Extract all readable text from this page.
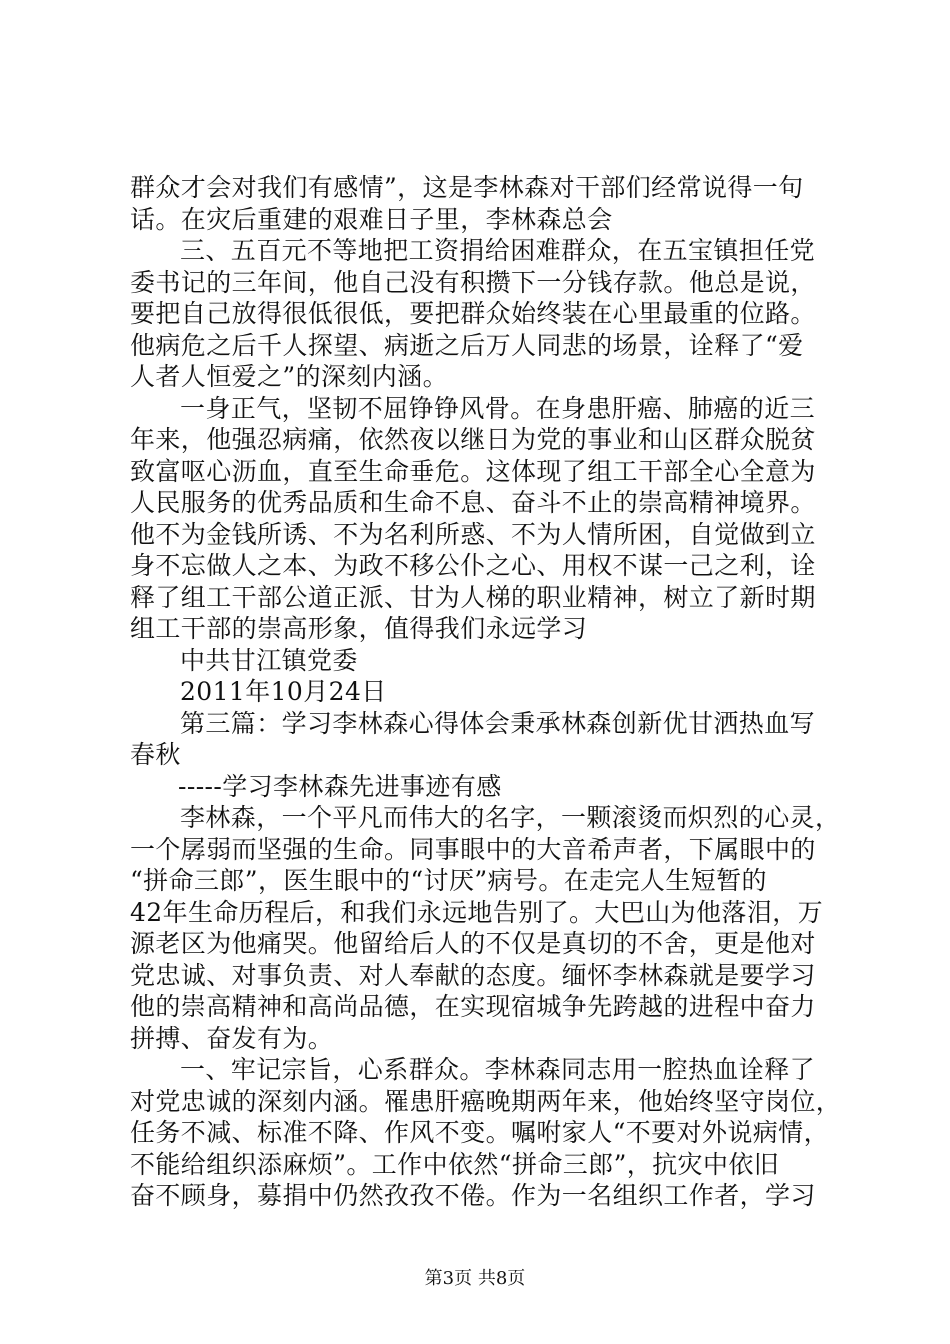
群众才会对我们有感情”，这是李林森对干部们经常说得一句
话。在灾后重建的艰难日子里，李林森总会
三、五百元不等地把工资捐给困难群众，在五宝镇担任党
委书记的三年间，他自己没有积攒下一分钱存款。他总是说，
要把自己放得很低很低，要把群众始终装在心里最重的位路。
他病危之后千人探望、病逝之后万人同悲的场景，诠释了“爱
人者人恒爱之”的深刻内涵。
一身正气，坚韧不屈铮铮风骨。在身患肝癌、肺癌的近三
年来，他强忍病痛，依然夜以继日为党的事业和山区群众脱贫
致富呕心沥血，直至生命垂危。这体现了组工干部全心全意为
人民服务的优秀品质和生命不息、奋斗不止的崇高精神境界。
他不为金钱所诱、不为名利所惑、不为人情所困，自觉做到立
身不忘做人之本、为政不移公仆之心、用权不谋一己之利，诠
释了组工干部公道正派、甘为人梯的职业精神，树立了新时期
组工干部的崇高形象，值得我们永远学习
中共甘江镇党委
2011年10月24日
第三篇：学习李林森心得体会秉承林森创新优甘洒热血写
春秋
-----学习李林森先进事迹有感
李林森，一个平凡而伟大的名字，一颗滚烫而炽烈的心灵，
一个孱弱而坚强的生命。同事眼中的大音希声者，下属眼中的
“拼命三郎”，医生眼中的“讨厌”病号。在走完人生短暂的
42年生命历程后，和我们永远地告别了。大巴山为他落泪，万
源老区为他痛哭。他留给后人的不仅是真切的不舍，更是他对
党忠诚、对事负责、对人奉献的态度。缅怀李林森就是要学习
他的崇高精神和高尚品德，在实现宿城争先跨越的进程中奋力
拼搏、奋发有为。
一、牢记宗旨，心系群众。李林森同志用一腔热血诠释了
对党忠诚的深刻内涵。罹患肝癌晚期两年来，他始终坚守岗位，
任务不减、标准不降、作风不变。嘱咐家人“不要对外说病情，
不能给组织添麻烦”。工作中依然“拼命三郎”，抗灾中依旧
奋不顾身，募捐中仍然孜孜不倦。作为一名组织工作者，学习
第3页 共8页
